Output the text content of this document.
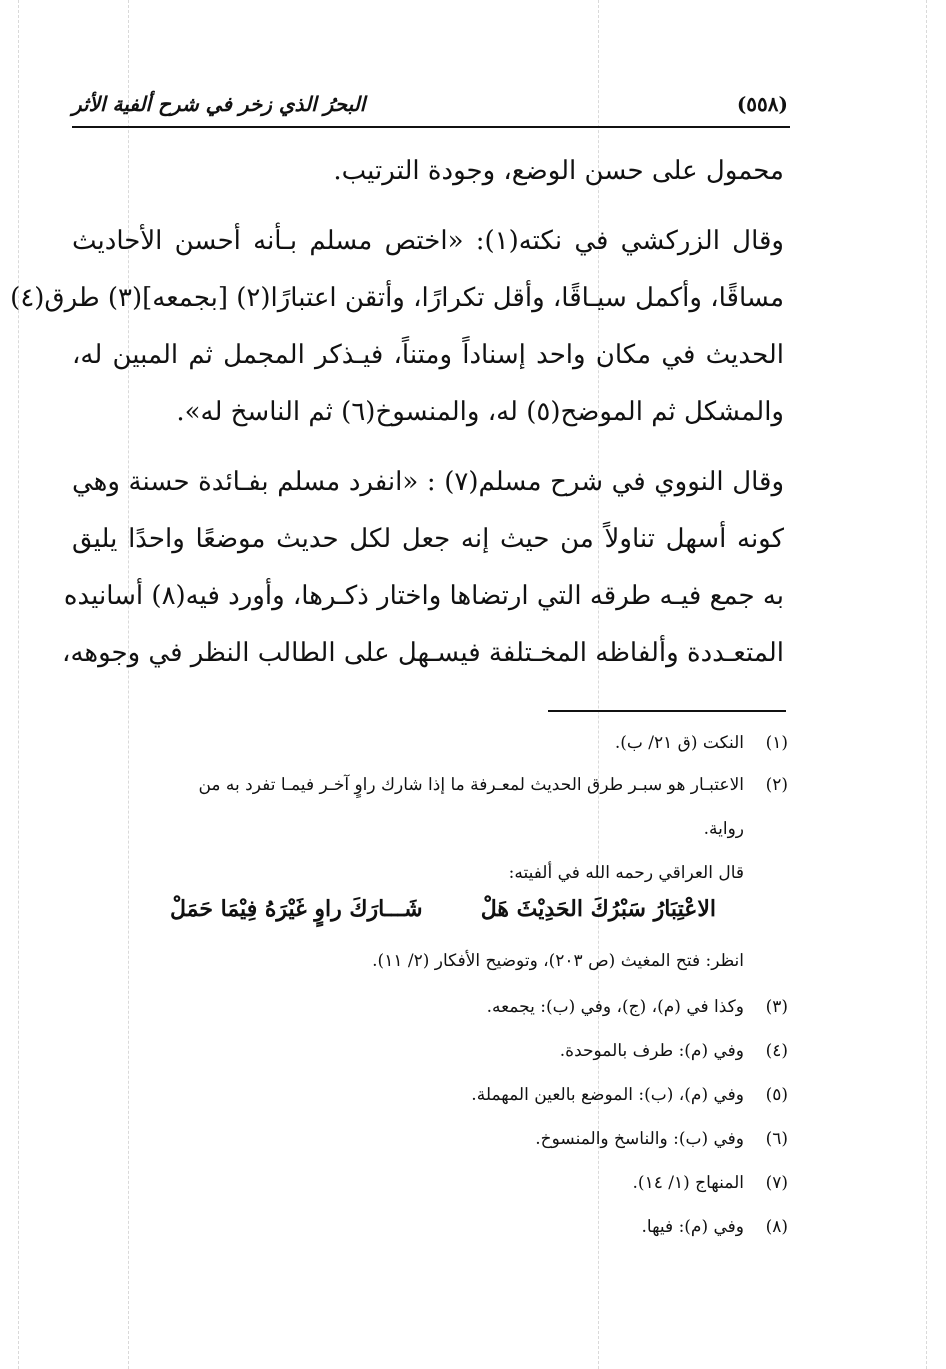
(٥٥٨)
البحرُ الذي زخر في شرح ألفية الأثر
محمول على حسن الوضع، وجودة الترتيب.
وقال الزركشي في نكته(١): «اختص مسلم بـأنه أحسن الأحاديث
مساقًا، وأكمل سيـاقًا، وأقل تكرارًا، وأتقن اعتبارًا(٢) [بجمعه](٣) طرق(٤)
الحديث في مكان واحد إسناداً ومتناً، فيـذكر المجمل ثم المبين له،
والمشكل ثم الموضح(٥) له، والمنسوخ(٦) ثم الناسخ له».
وقال النووي في شرح مسلم(٧) : «انفرد مسلم بفـائدة حسنة وهي
كونه أسهل تناولاً من حيث إنه جعل لكل حديث موضعًا واحدًا يليق
به جمع فيـه طرقه التي ارتضاها واختار ذكـرها، وأورد فيه(٨) أسانيده
المتعـددة وألفاظه المخـتلفة فيسـهل على الطالب النظر في وجوهه،
(١)النكت (ق ٢١/ ب).
(٢)الاعتبـار هو سبـر طرق الحديث لمعـرفة ما إذا شارك راوٍ آخـر فيمـا تفرد به من
رواية.
قال العراقي رحمه الله في ألفيته:
الاعْتِبَارُ سَبْرُكَ الحَدِيْثَ هَلْ
شَـــارَكَ راوٍ غَيْرَهُ فِيْمَا حَمَلْ
انظر: فتح المغيث (ص ٢٠٣)، وتوضيح الأفكار (٢/ ١١).
(٣)وكذا في (م)، (ج)، وفي (ب): يجمعه.
(٤)وفي (م): طرف بالموحدة.
(٥)وفي (م)، (ب): الموضع بالعين المهملة.
(٦)وفي (ب): والناسخ والمنسوخ.
(٧)المنهاج (١/ ١٤).
(٨)وفي (م): فيها.
